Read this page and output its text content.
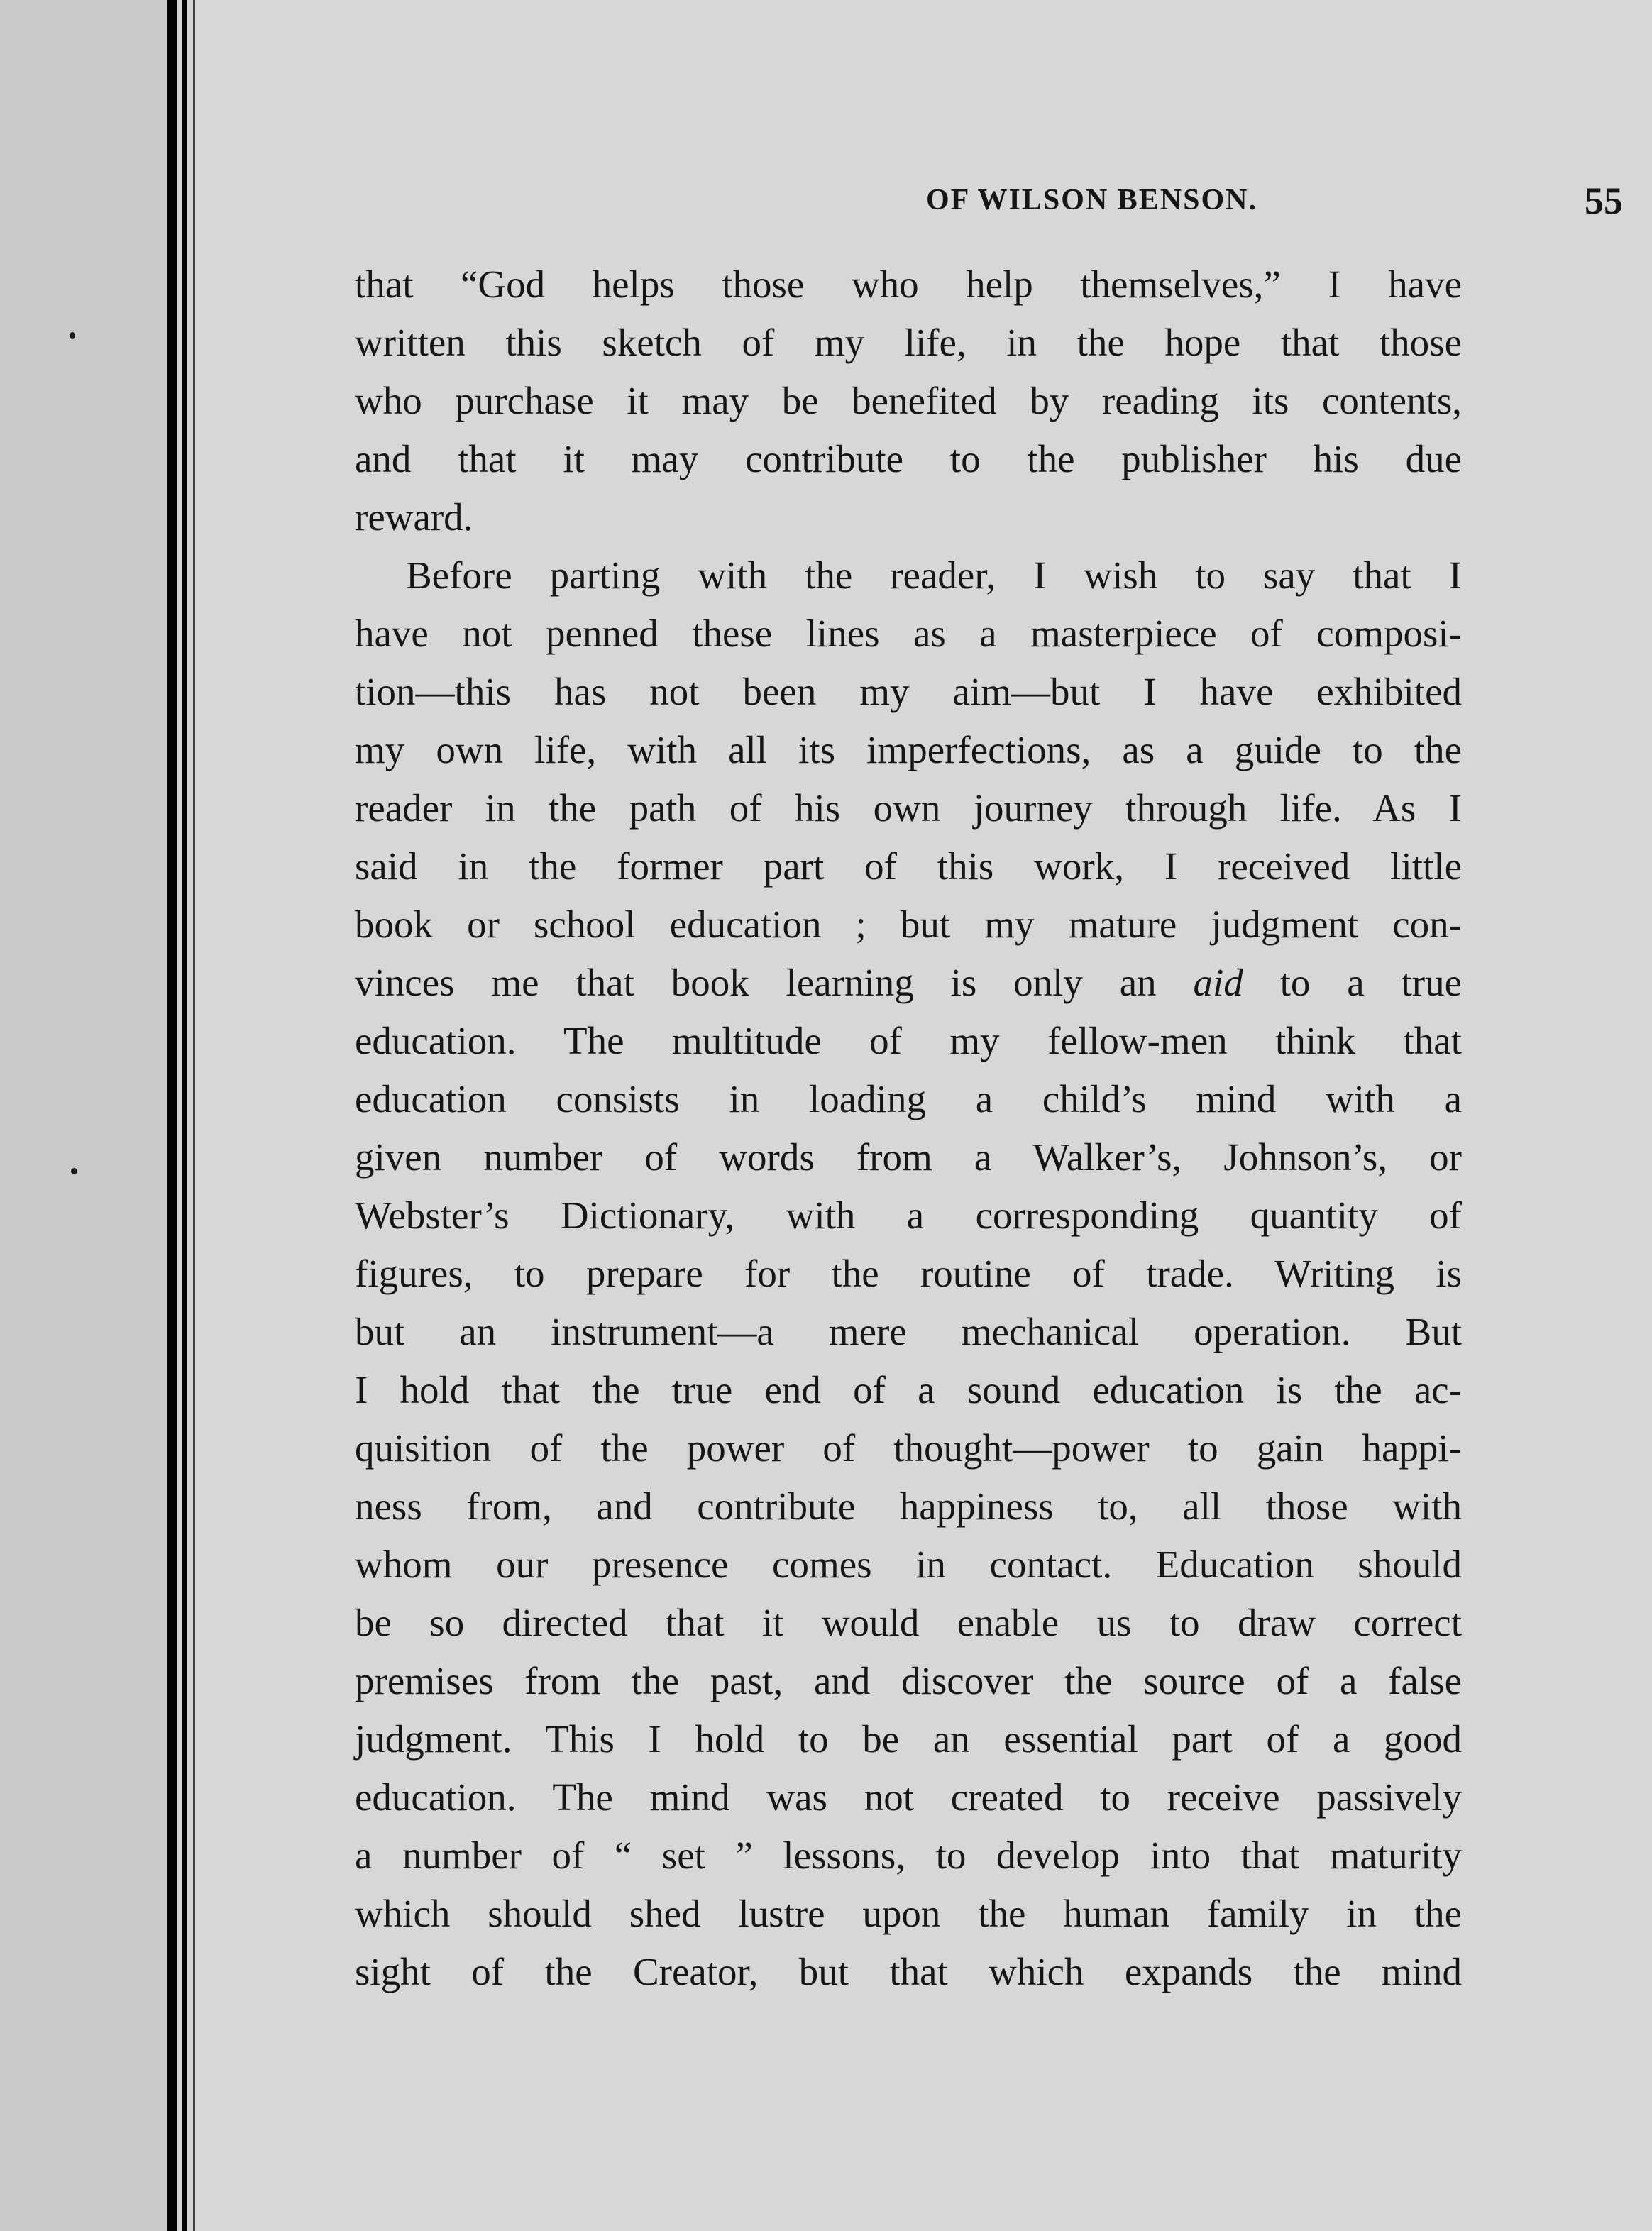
OF WILSON BENSON.	55
that “God helps those who help themselves,” I have
written this sketch of my life, in the hope that those
who purchase it may be benefited by reading its contents,
and that it may contribute to the publisher his due
reward.
Before parting with the reader, I wish to say that I
have not penned these lines as a masterpiece of composi-
tion—this has not been my aim—but I have exhibited
my own life, with all its imperfections, as a guide to the
reader in the path of his own journey through life. As I
said in the former part of this work, I received little
book or school education ; but my mature judgment con-
vinces me that book learning is only an aid to a true
education. The multitude of my fellow-men think that
education consists in loading a child’s mind with a
given number of words from a Walker’s, Johnson’s, or
Webster’s Dictionary, with a corresponding quantity of
figures, to prepare for the routine of trade. Writing is
but an instrument—a mere mechanical operation. But
I hold that the true end of a sound education is the ac-
quisition of the power of thought—power to gain happi-
ness from, and contribute happiness to, all those with
whom our presence comes in contact. Education should
be so directed that it would enable us to draw correct
premises from the past, and discover the source of a false
judgment. This I hold to be an essential part of a good
education. The mind was not created to receive passively
a number of “ set ” lessons, to develop into that maturity
which should shed lustre upon the human family in the
sight of the Creator, but that which expands the mind
